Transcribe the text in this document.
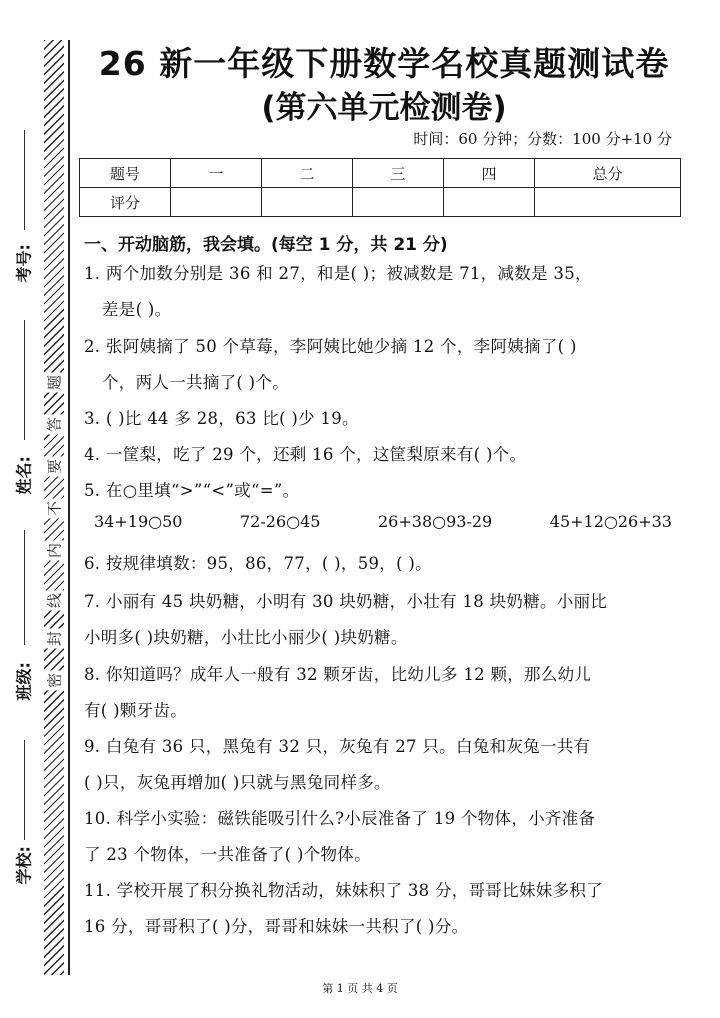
考号:
姓名:
班级:
学校:
题
答
要
不
内
线
封
密
26 新一年级下册数学名校真题测试卷
(第六单元检测卷)
时间：60 分钟；分数：100 分+10 分
题号	一	二	三	四	总分
评分					
一、开动脑筋，我会填。(每空 1 分，共 21 分)
1. 两个加数分别是 36 和 27，和是( )；被减数是 71，减数是 35，
差是( )。
2. 张阿姨摘了 50 个草莓，李阿姨比她少摘 12 个，李阿姨摘了( )
个，两人一共摘了( )个。
3. ( )比 44 多 28，63 比( )少 19。
4. 一筐梨，吃了 29 个，还剩 16 个，这筐梨原来有( )个。
5. 在○里填“>”“<”或“=”。
34+19○50	72-26○45	26+38○93-29	45+12○26+33
6. 按规律填数：95，86，77，( )，59，( )。
7. 小丽有 45 块奶糖，小明有 30 块奶糖，小壮有 18 块奶糖。小丽比
小明多( )块奶糖，小壮比小丽少( )块奶糖。
8. 你知道吗？成年人一般有 32 颗牙齿，比幼儿多 12 颗，那么幼儿
有( )颗牙齿。
9. 白兔有 36 只，黑兔有 32 只，灰兔有 27 只。白兔和灰兔一共有
( )只，灰兔再增加( )只就与黑兔同样多。
10. 科学小实验：磁铁能吸引什么?小辰准备了 19 个物体，小齐准备
了 23 个物体，一共准备了( )个物体。
11. 学校开展了积分换礼物活动，妹妹积了 38 分，哥哥比妹妹多积了
16 分，哥哥积了( )分，哥哥和妹妹一共积了( )分。
第 1 页 共 4 页
